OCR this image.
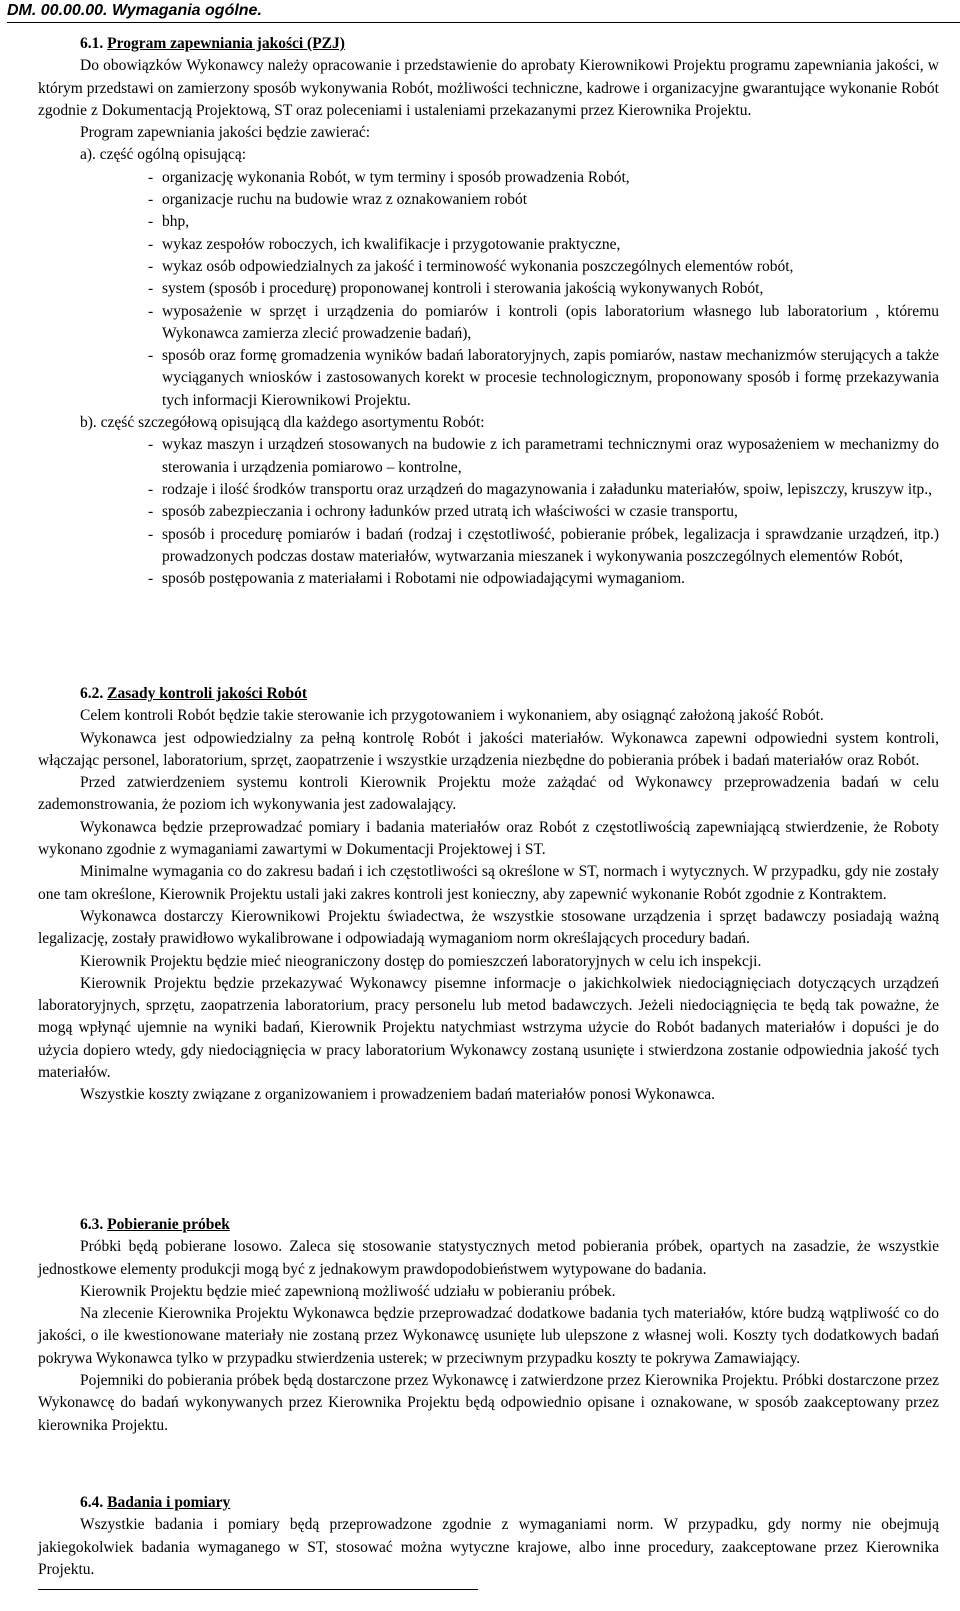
DM. 00.00.00. Wymagania ogólne.
6.1. Program zapewniania jakości (PZJ)

Do obowiązków Wykonawcy należy opracowanie i przedstawienie do aprobaty Kierownikowi Projektu programu zapewniania jakości, w którym przedstawi on zamierzony sposób wykonywania Robót, możliwości techniczne, kadrowe i organizacyjne gwarantujące wykonanie Robót zgodnie z Dokumentacją Projektową, ST oraz poleceniami i ustaleniami przekazanymi przez Kierownika Projektu.

Program zapewniania jakości będzie zawierać:

a). część ogólną opisującą:
- organizację wykonania Robót, w tym terminy i sposób prowadzenia Robót,
- organizacje ruchu na budowie wraz z oznakowaniem robót
- bhp,
- wykaz zespołów roboczych, ich kwalifikacje i przygotowanie praktyczne,
- wykaz osób odpowiedzialnych za jakość i terminowość wykonania poszczególnych elementów robót,
- system (sposób i procedurę) proponowanej kontroli i sterowania jakością wykonywanych Robót,
- wyposażenie w sprzęt i urządzenia do pomiarów i kontroli (opis laboratorium własnego lub laboratorium , któremu Wykonawca zamierza zlecić prowadzenie badań),
- sposób oraz formę gromadzenia wyników badań laboratoryjnych, zapis pomiarów, nastaw mechanizmów sterujących a także wyciąganych wniosków i zastosowanych korekt w procesie technologicznym, proponowany sposób i formę przekazywania tych informacji Kierownikowi Projektu.
b). część szczegółową opisującą dla każdego asortymentu Robót:
- wykaz maszyn i urządzeń stosowanych na budowie z ich parametrami technicznymi oraz wyposażeniem w mechanizmy do sterowania i urządzenia pomiarowo – kontrolne,
- rodzaje i ilość środków transportu oraz urządzeń do magazynowania i załadunku materiałów, spoiw, lepiszczy, kruszyw itp.,
- sposób zabezpieczania i ochrony ładunków przed utratą ich właściwości w czasie transportu,
- sposób i procedurę pomiarów i badań (rodzaj i częstotliwość, pobieranie próbek, legalizacja i sprawdzanie urządzeń, itp.) prowadzonych podczas dostaw materiałów, wytwarzania mieszanek i wykonywania poszczególnych elementów Robót,
- sposób postępowania z materiałami i Robotami nie odpowiadającymi wymaganiom.
6.2. Zasady kontroli jakości Robót

Celem kontroli Robót będzie takie sterowanie ich przygotowaniem i wykonaniem, aby osiągnąć założoną jakość Robót.

Wykonawca jest odpowiedzialny za pełną kontrolę Robót i jakości materiałów. Wykonawca zapewni odpowiedni system kontroli, włączając personel, laboratorium, sprzęt, zaopatrzenie i wszystkie urządzenia niezbędne do pobierania próbek i badań materiałów oraz Robót.

Przed zatwierdzeniem systemu kontroli Kierownik Projektu może zażądać od Wykonawcy przeprowadzenia badań w celu zademonstrowania, że poziom ich wykonywania jest zadowalający.

Wykonawca będzie przeprowadzać pomiary i badania materiałów oraz Robót z częstotliwością zapewniającą stwierdzenie, że Roboty wykonano zgodnie z wymaganiami zawartymi w Dokumentacji Projektowej i ST.

Minimalne wymagania co do zakresu badań i ich częstotliwości są określone w ST, normach i wytycznych. W przypadku, gdy nie zostały one tam określone, Kierownik Projektu ustali jaki zakres kontroli jest konieczny, aby zapewnić wykonanie Robót zgodnie z Kontraktem.

Wykonawca dostarczy Kierownikowi Projektu świadectwa, że wszystkie stosowane urządzenia i sprzęt badawczy posiadają ważną legalizację, zostały prawidłowo wykalibrowane i odpowiadają wymaganiom norm określających procedury badań.

Kierownik Projektu będzie mieć nieograniczony dostęp do pomieszczeń laboratoryjnych w celu ich inspekcji.

Kierownik Projektu będzie przekazywać Wykonawcy pisemne informacje o jakichkolwiek niedociągnięciach dotyczących urządzeń laboratoryjnych, sprzętu, zaopatrzenia laboratorium, pracy personelu lub metod badawczych. Jeżeli niedociągnięcia te będą tak poważne, że mogą wpłynąć ujemnie na wyniki badań, Kierownik Projektu natychmiast wstrzyma użycie do Robót badanych materiałów i dopuści je do użycia dopiero wtedy, gdy niedociągnięcia w pracy laboratorium Wykonawcy zostaną usunięte i stwierdzona zostanie odpowiednia jakość tych materiałów.

Wszystkie koszty związane z organizowaniem i prowadzeniem badań materiałów ponosi Wykonawca.

6.3. Pobieranie próbek

Próbki będą pobierane losowo. Zaleca się stosowanie statystycznych metod pobierania próbek, opartych na zasadzie, że wszystkie jednostkowe elementy produkcji mogą być z jednakowym prawdopodobieństwem wytypowane do badania.

Kierownik Projektu będzie mieć zapewnioną możliwość udziału w pobieraniu próbek.

Na zlecenie Kierownika Projektu Wykonawca będzie przeprowadzać dodatkowe badania tych materiałów, które budzą wątpliwość co do jakości, o ile kwestionowane materiały nie zostaną przez Wykonawcę usunięte lub ulepszone z własnej woli. Koszty tych dodatkowych badań pokrywa Wykonawca tylko w przypadku stwierdzenia usterek; w przeciwnym przypadku koszty te pokrywa Zamawiający.

Pojemniki do pobierania próbek będą dostarczone przez Wykonawcę i zatwierdzone przez Kierownika Projektu. Próbki dostarczone przez Wykonawcę do badań wykonywanych przez Kierownika Projektu będą odpowiednio opisane i oznakowane, w sposób zaakceptowany przez kierownika Projektu.

6.4. Badania i pomiary

Wszystkie badania i pomiary będą przeprowadzone zgodnie z wymaganiami norm. W przypadku, gdy normy nie obejmują jakiegokolwiek badania wymaganego w ST, stosować można wytyczne krajowe, albo inne procedury, zaakceptowane przez Kierownika Projektu.
